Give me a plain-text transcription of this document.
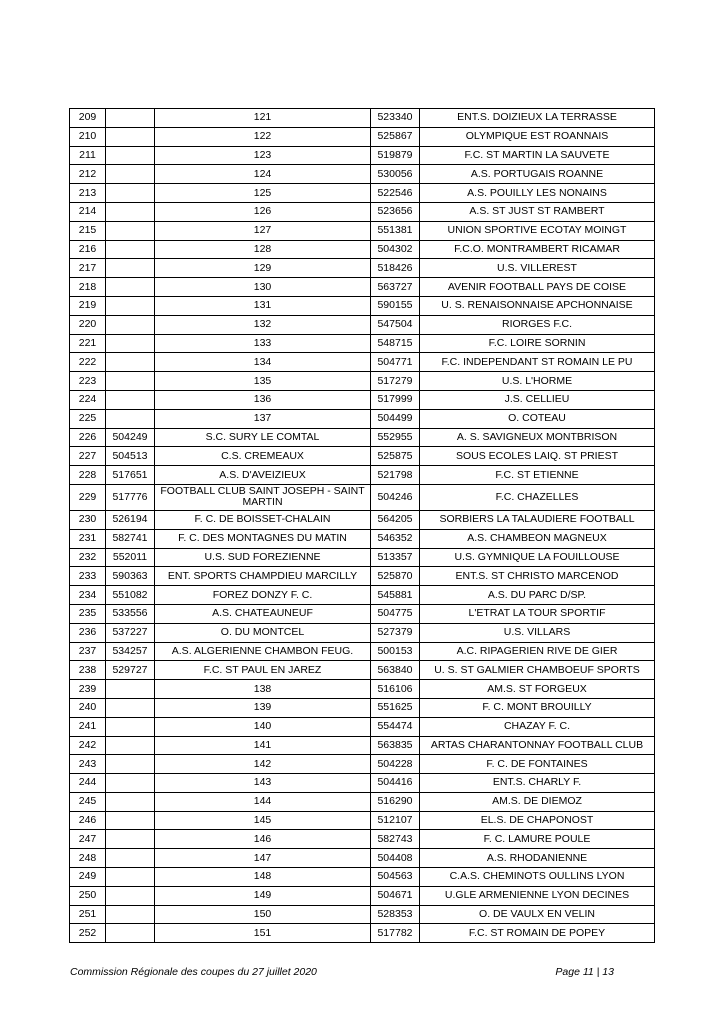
209		121	523340	ENT.S. DOIZIEUX LA TERRASSE
210		122	525867	OLYMPIQUE EST ROANNAIS
211		123	519879	F.C. ST MARTIN LA SAUVETE
212		124	530056	A.S. PORTUGAIS ROANNE
213		125	522546	A.S. POUILLY LES NONAINS
214		126	523656	A.S. ST JUST ST RAMBERT
215		127	551381	UNION SPORTIVE ECOTAY MOINGT
216		128	504302	F.C.O. MONTRAMBERT RICAMAR
217		129	518426	U.S. VILLEREST
218		130	563727	AVENIR FOOTBALL PAYS DE COISE
219		131	590155	U. S. RENAISONNAISE APCHONNAISE
220		132	547504	RIORGES F.C.
221		133	548715	F.C. LOIRE SORNIN
222		134	504771	F.C. INDEPENDANT ST ROMAIN LE PU
223		135	517279	U.S. L'HORME
224		136	517999	J.S. CELLIEU
225		137	504499	O. COTEAU
226	504249	S.C. SURY LE COMTAL	552955	A. S. SAVIGNEUX MONTBRISON
227	504513	C.S. CREMEAUX	525875	SOUS ECOLES LAIQ. ST PRIEST
228	517651	A.S. D'AVEIZIEUX	521798	F.C. ST ETIENNE
229	517776	FOOTBALL CLUB SAINT JOSEPH - SAINT MARTIN	504246	F.C. CHAZELLES
230	526194	F. C. DE BOISSET-CHALAIN	564205	SORBIERS LA TALAUDIERE FOOTBALL
231	582741	F. C. DES MONTAGNES DU MATIN	546352	A.S. CHAMBEON MAGNEUX
232	552011	U.S. SUD FOREZIENNE	513357	U.S. GYMNIQUE LA FOUILLOUSE
233	590363	ENT. SPORTS CHAMPDIEU MARCILLY	525870	ENT.S. ST CHRISTO MARCENOD
234	551082	FOREZ DONZY F. C.	545881	A.S. DU PARC D/SP.
235	533556	A.S. CHATEAUNEUF	504775	L'ETRAT LA TOUR SPORTIF
236	537227	O. DU MONTCEL	527379	U.S. VILLARS
237	534257	A.S. ALGERIENNE CHAMBON FEUG.	500153	A.C. RIPAGERIEN RIVE DE GIER
238	529727	F.C. ST PAUL EN JAREZ	563840	U. S. ST GALMIER CHAMBOEUF SPORTS
239		138	516106	AM.S. ST FORGEUX
240		139	551625	F. C. MONT BROUILLY
241		140	554474	CHAZAY F. C.
242		141	563835	ARTAS CHARANTONNAY FOOTBALL CLUB
243		142	504228	F. C. DE FONTAINES
244		143	504416	ENT.S. CHARLY F.
245		144	516290	AM.S. DE DIEMOZ
246		145	512107	EL.S. DE CHAPONOST
247		146	582743	F. C. LAMURE POULE
248		147	504408	A.S. RHODANIENNE
249		148	504563	C.A.S. CHEMINOTS OULLINS LYON
250		149	504671	U.GLE ARMENIENNE LYON DECINES
251		150	528353	O. DE VAULX EN VELIN
252		151	517782	F.C. ST ROMAIN DE POPEY
Commission Régionale des coupes du 27 juillet 2020	Page 11 | 13
